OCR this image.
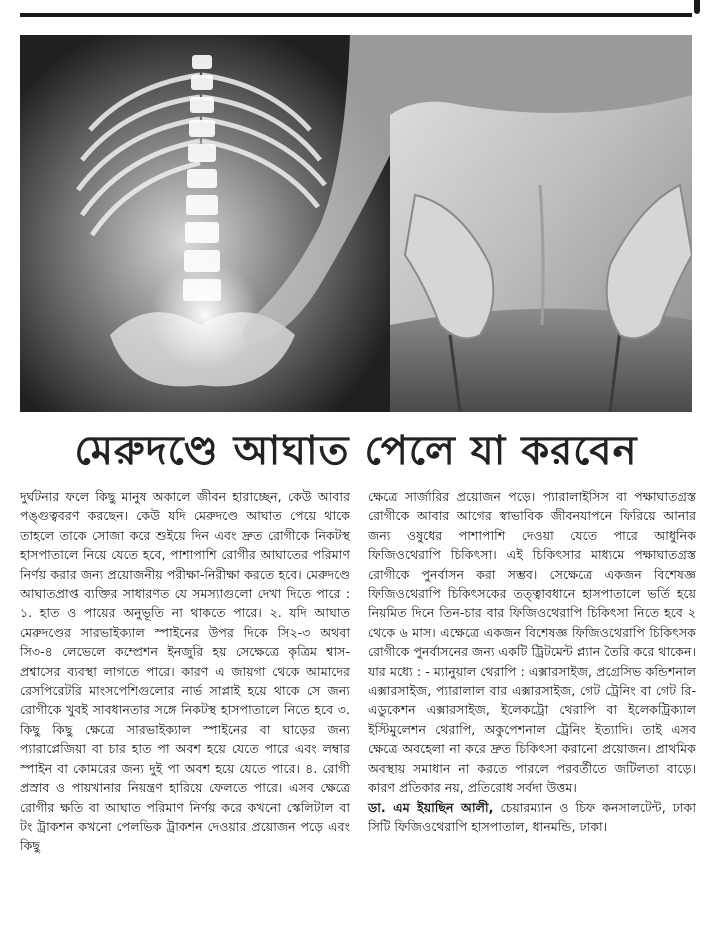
মেরুদণ্ডে আঘাত পেলে যা করবেন

দুর্ঘটনার ফলে কিছু মানুষ অকালে জীবন হারাচ্ছেন, কেউ আবার পঙ্গুত্ববরণ করছেন। কেউ যদি মেরুদণ্ডে আঘাত পেয়ে থাকে তাহলে তাকে সোজা করে শুইয়ে দিন এবং দ্রুত রোগীকে নিকটস্থ হাসপাতালে নিয়ে যেতে হবে, পাশাপাশি রোগীর আঘাতের পরিমাণ নির্ণয় করার জন্য প্রয়োজনীয় পরীক্ষা-নিরীক্ষা করতে হবে। মেরুদণ্ডে আঘাতপ্রাপ্ত ব্যক্তির সাধারণত যে সমস্যাগুলো দেখা দিতে পারে : ১. হাত ও পায়ের অনুভূতি না থাকতে পারে। ২. যদি আঘাত মেরুদণ্ডের সারভাইক্যাল স্পাইনের উপর দিকে সি২-৩ অথবা সি৩-৪ লেভেলে কম্প্রেশন ইনজুরি হয় সেক্ষেত্রে কৃত্রিম শ্বাস-প্রশ্বাসের ব্যবস্থা লাগতে পারে। কারণ এ জায়গা থেকে আমাদের রেসপিরেটরি মাংসপেশিগুলোর নার্ভ সাপ্লাই হয়ে থাকে সে জন্য রোগীকে খুবই সাবধানতার সঙ্গে নিকটস্থ হাসপাতালে নিতে হবে ৩. কিছু কিছু ক্ষেত্রে সারভাইক্যাল স্পাইনের বা ঘাড়ের জন্য প্যারাপ্লেজিয়া বা চার হাত পা অবশ হয়ে যেতে পারে এবং লম্বার স্পাইন বা কোমরের জন্য দুই পা অবশ হয়ে যেতে পারে। ৪. রোগী প্রস্রাব ও পায়খানার নিয়ন্ত্রণ হারিয়ে ফেলতে পারে। এসব ক্ষেত্রে রোগীর ক্ষতি বা আঘাত পরিমাণ নির্ণয় করে কখনো স্কেলিটাল বা টং ট্রাকশন কখনো পেলভিক ট্রাকশন দেওয়ার প্রয়োজন পড়ে এবং কিছু

ক্ষেত্রে সার্জারির প্রয়োজন পড়ে। প্যারালাইসিস বা পক্ষাঘাতগ্রস্ত রোগীকে আবার আগের স্বাভাবিক জীবনযাপনে ফিরিয়ে আনার জন্য ওষুধের পাশাপাশি দেওয়া যেতে পারে আধুনিক ফিজিওথেরাপি চিকিৎসা। এই চিকিৎসার মাধ্যমে পক্ষাঘাতগ্রস্ত রোগীকে পুনর্বাসন করা সম্ভব। সেক্ষেত্রে একজন বিশেষজ্ঞ ফিজিওথেরাপি চিকিৎসকের তত্ত্বাবধানে হাসপাতালে ভর্তি হয়ে নিয়মিত দিনে তিন-চার বার ফিজিওথেরাপি চিকিৎসা নিতে হবে ২ থেকে ৬ মাস। এক্ষেত্রে একজন বিশেষজ্ঞ ফিজিওথেরাপি চিকিৎসক রোগীকে পুনর্বাসনের জন্য একটি ট্রিটমেন্ট প্ল্যান তৈরি করে থাকেন। যার মধ্যে : - ম্যানুয়াল থেরাপি : এক্সারসাইজ, প্রগ্রেসিভ কন্ডিশনাল এক্সারসাইজ, প্যারালাল বার এক্সারসাইজ, গেট ট্রেনিং বা গেট রি-এডুকেশন এক্সারসাইজ, ইলেকট্রো থেরাপি বা ইলেকট্রিক্যাল ইস্টিমুলেশন থেরাপি, অকুপেশনাল ট্রেনিং ইত্যাদি। তাই এসব ক্ষেত্রে অবহেলা না করে দ্রুত চিকিৎসা করানো প্রয়োজন। প্রাথমিক অবস্থায় সমাধান না করতে পারলে পরবর্তীতে জটিলতা বাড়ে। কারণ প্রতিকার নয়, প্রতিরোধ সর্বদা উত্তম।

ডা. এম ইয়াছিন আলী, চেয়ারম্যান ও চিফ কনসালটেন্ট, ঢাকা সিটি ফিজিওথেরাপি হাসপাতাল, ধানমন্ডি, ঢাকা।
